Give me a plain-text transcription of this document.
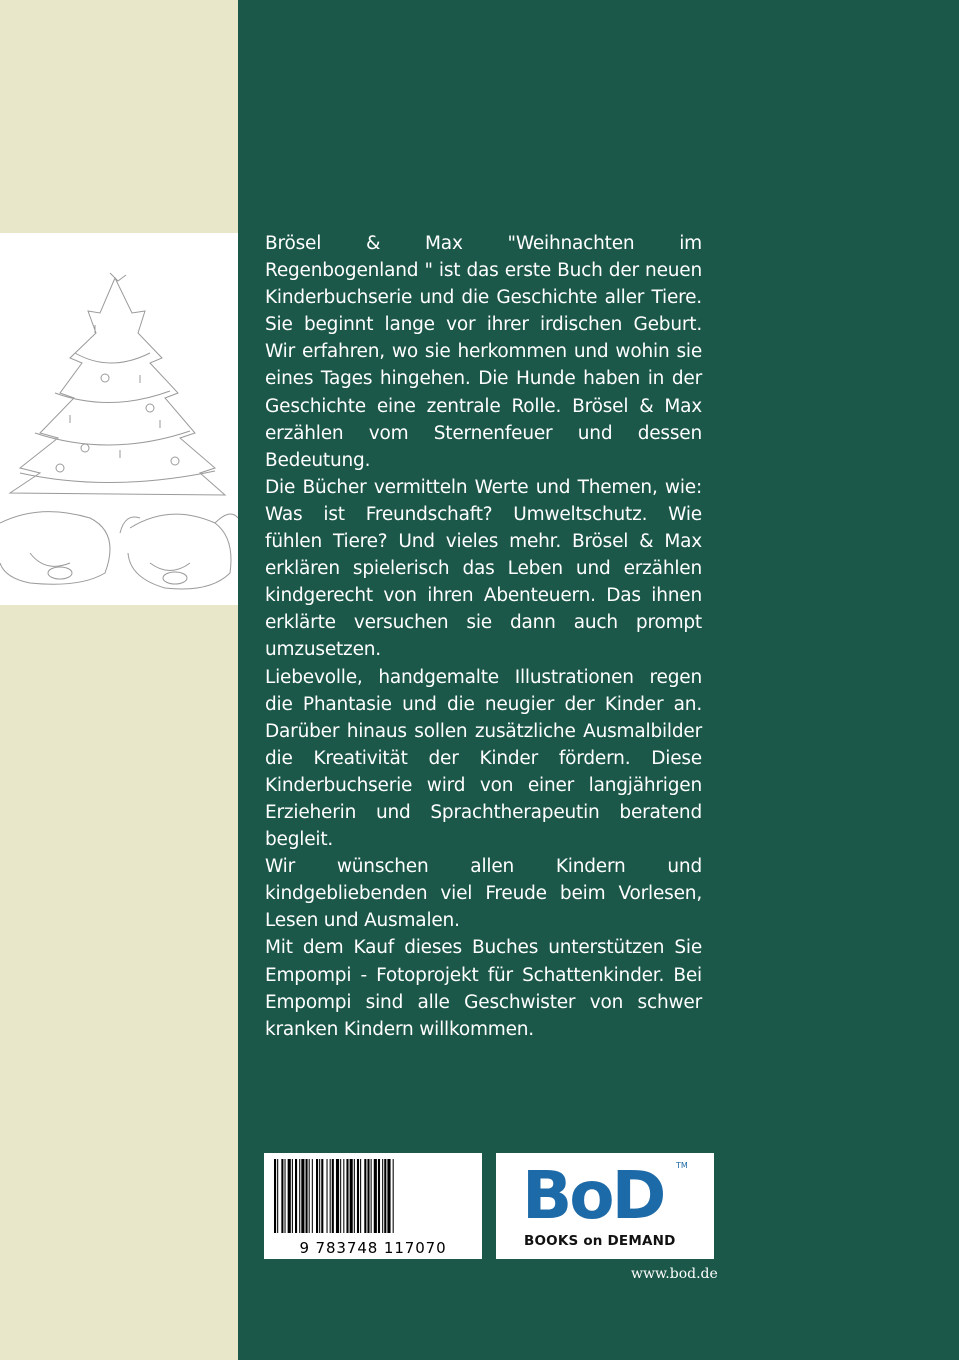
Brösel & Max "Weihnachten im Regenbogenland " ist das erste Buch der neuen Kinderbuchserie und die Geschichte aller Tiere. Sie beginnt lange vor ihrer irdischen Geburt. Wir erfahren, wo sie herkommen und wohin sie eines Tages hingehen. Die Hunde haben in der Geschichte eine zentrale Rolle. Brösel & Max erzählen vom Sternenfeuer und dessen Bedeutung.

Die Bücher vermitteln Werte und Themen, wie: Was ist Freundschaft? Umweltschutz. Wie fühlen Tiere? Und vieles mehr. Brösel & Max erklären spielerisch das Leben und erzählen kindgerecht von ihren Abenteuern. Das ihnen erklärte versuchen sie dann auch prompt umzusetzen.

Liebevolle, handgemalte Illustrationen regen die Phantasie und die neugier der Kinder an. Darüber hinaus sollen zusätzliche Ausmalbilder die Kreativität der Kinder fördern. Diese Kinderbuchserie wird von einer langjährigen Erzieherin und Sprachtherapeutin beratend begleit.

Wir wünschen allen Kindern und kindgebliebenden viel Freude beim Vorlesen, Lesen und Ausmalen.

Mit dem Kauf dieses Buches unterstützen Sie Empompi - Fotoprojekt für Schattenkinder. Bei Empompi sind alle Geschwister von schwer kranken Kindern willkommen.

9 783748 117070
BoD TM
BOOKS on DEMAND
www.bod.de
